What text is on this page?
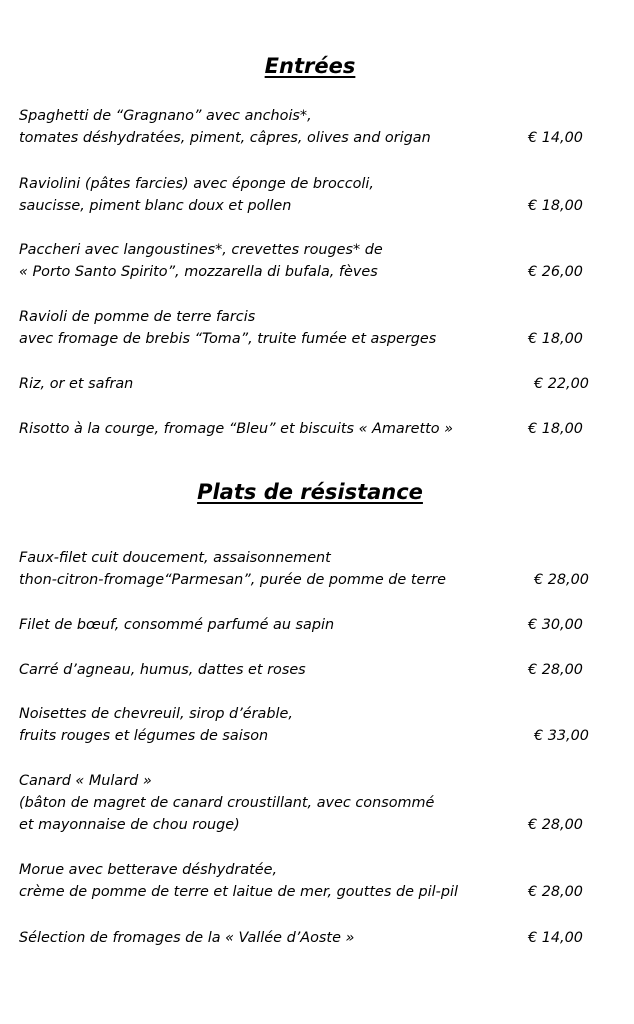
Entrées
Plats de résistance
Spaghetti de “Gragnano” avec anchois*,
tomates déshydratées, piment, câpres, olives and origan	€ 14,00
Raviolini (pâtes farcies) avec éponge de broccoli,
saucisse, piment blanc doux et pollen	€ 18,00
Paccheri avec langoustines*, crevettes rouges* de
« Porto Santo Spirito”, mozzarella di bufala, fèves	€ 26,00
Ravioli de pomme de terre farcis
avec fromage de brebis “Toma”, truite fumée et asperges	€ 18,00
Riz, or et safran	€ 22,00
Risotto à la courge, fromage “Bleu” et biscuits « Amaretto »	€ 18,00
Faux-filet cuit doucement, assaisonnement
thon-citron-fromage“Parmesan”, purée de pomme de terre	€ 28,00
Filet de bœuf, consommé parfumé au sapin	€ 30,00
Carré d’agneau, humus, dattes et roses	€ 28,00
Noisettes de chevreuil, sirop d’érable,
fruits rouges et légumes de saison	€ 33,00
Canard « Mulard »
(bâton de magret de canard croustillant, avec consommé
et mayonnaise de chou rouge)	€ 28,00
Morue avec betterave déshydratée,
crème de pomme de terre et laitue de mer, gouttes de pil-pil	€ 28,00
Sélection de fromages de la « Vallée d’Aoste »	€ 14,00
